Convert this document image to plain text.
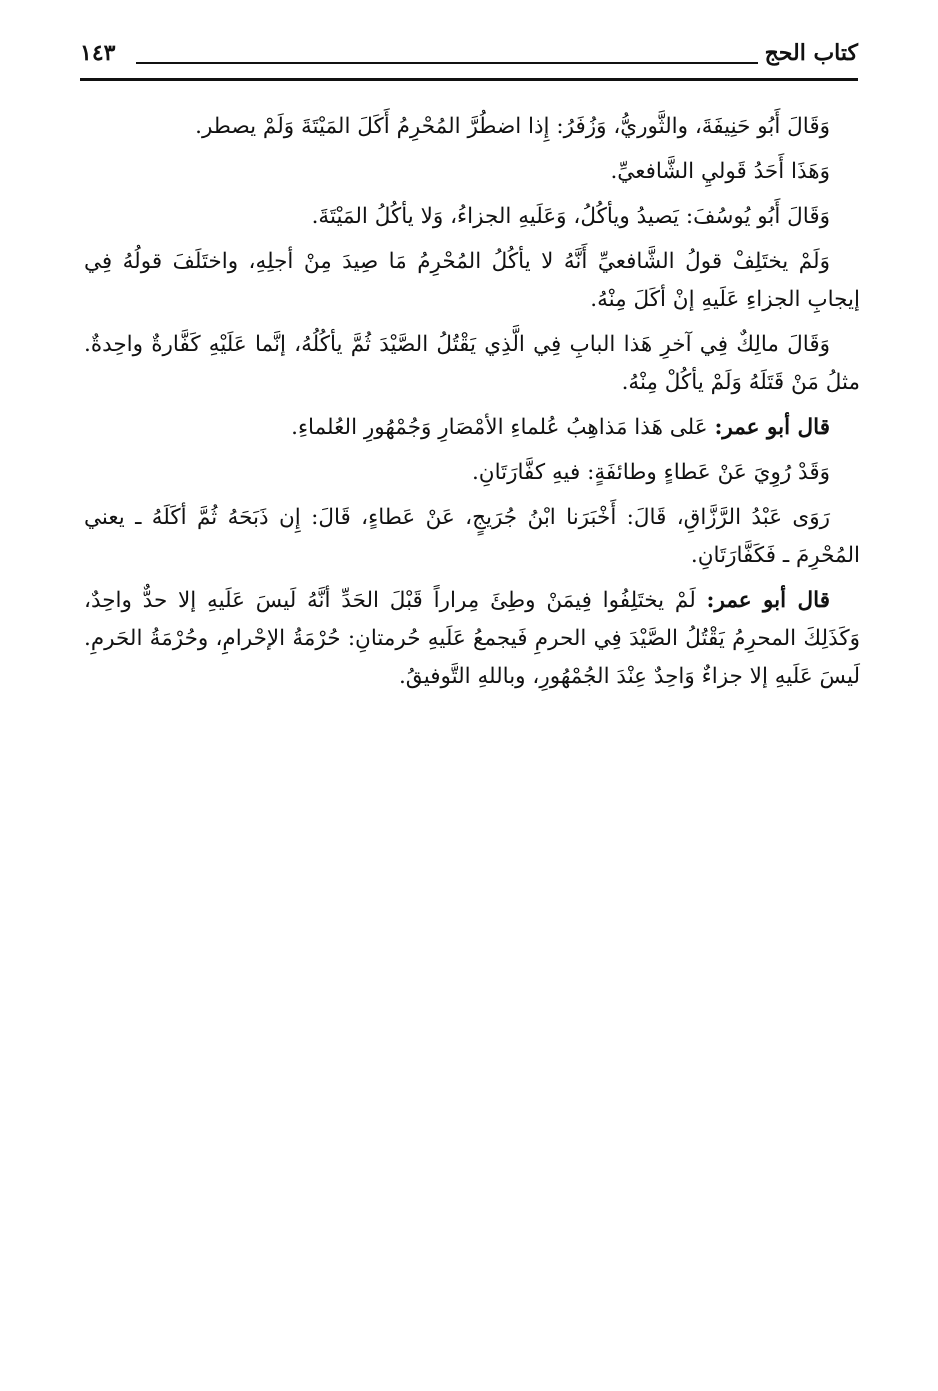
كتاب الحج
١٤٣

وَقَالَ أَبُو حَنِيفَةَ، والثَّوريُّ، وَزُفَرُ: إِذا اضطُرَّ المُحْرِمُ أَكَلَ المَيْتَةَ وَلَمْ يصطر.

وَهَذَا أَحَدُ قَوليِ الشَّافعيِّ.

وَقَالَ أَبُو يُوسُفَ: يَصيدُ ويأكُلُ، وَعَلَيهِ الجزاءُ، وَلا يأكُلُ المَيْتَةَ.

وَلَمْ يختَلِفْ قولُ الشَّافعيِّ أَنَّهُ لا يأكُلُ المُحْرِمُ مَا صِيدَ مِنْ أجلِهِ، واختَلَفَ قولُهُ فِي إيجابِ الجزاءِ عَلَيهِ إنْ أكَلَ مِنْهُ.

وَقَالَ مالِكٌ فِي آخرِ هَذا البابِ فِي الَّذِي يَقْتُلُ الصَّيْدَ ثُمَّ يأكُلُهُ، إنَّما عَلَيْهِ كَفَّارةٌ واحِدةٌ. مثلُ مَنْ قَتَلَهُ وَلَمْ يأكُلْ مِنْهُ.

قال أبو عمر: عَلى هَذا مَذاهِبُ عُلماءِ الأمْصَارِ وَجُمْهُورِ العُلماءِ.

وَقَدْ رُوِيَ عَنْ عَطاءٍ وطائفَةٍ: فيهِ كفَّارَتَانِ.

رَوَى عَبْدُ الرَّزَّاقِ، قَالَ: أَخْبَرَنا ابْنُ جُرَيجٍ، عَنْ عَطاءٍ، قَالَ: إِن ذَبَحَهُ ثُمَّ أكَلَهُ ـ يعني المُحْرِمَ ـ فَكَفَّارَتَانِ.

قال أبو عمر: لَمْ يختَلِفُوا فِيمَنْ وطِئَ مِراراً قَبْلَ الحَدِّ أنَّهُ لَيسَ عَلَيهِ إلا حدٌّ واحِدٌ، وَكَذَلِكَ المحرِمُ يَقْتُلُ الصَّيْدَ فِي الحرمِ فَيجمعُ عَلَيهِ حُرمتانِ: حُرْمَةُ الإحْرامِ، وحُرْمَةُ الحَرمِ. لَيسَ عَلَيهِ إلا جزاءٌ وَاحِدٌ عِنْدَ الجُمْهُورِ، وباللهِ التَّوفيقُ.
